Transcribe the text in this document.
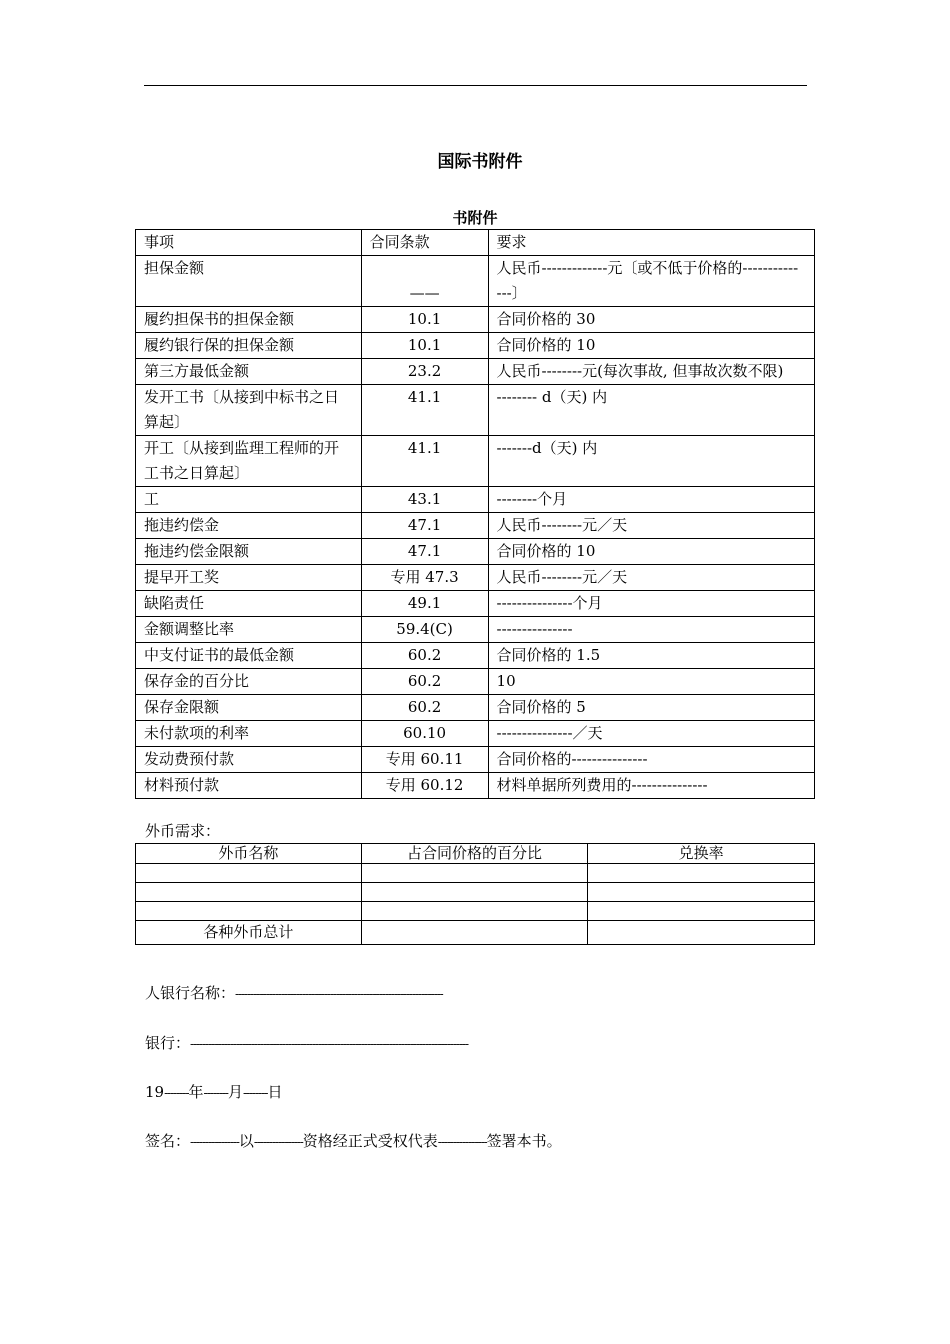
国际书附件
书附件
事项	合同条款	要求
担保金额	——	人民币-------------元〔或不低于价格的-----------‑‑‑〕
履约担保书的担保金额	10.1	合同价格的 30
履约银行保的担保金额	10.1	合同价格的 10
第三方最低金额	23.2	人民币--------元(每次事故, 但事故次数不限)
发开工书〔从接到中标书之日算起〕	41.1	-------- d（天) 内
开工〔从接到监理工程师的开工书之日算起〕	41.1	-------d（天) 内
工	43.1	--------个月
拖违约偿金	47.1	人民币--------元／天
拖违约偿金限额	47.1	合同价格的 10
提早开工奖	专用 47.3	人民币--------元／天
缺陷责任	49.1	---------------个月
金额调整比率	59.4(C)	---------------
中支付证书的最低金额	60.2	合同价格的 1.5
保存金的百分比	60.2	10
保存金限额	60.2	合同价格的 5
未付款项的利率	60.10	---------------／天
发动费预付款	专用 60.11	合同价格的---------------
材料预付款	专用 60.12	材料单据所列费用的---------------
外币需求：
外币名称	占合同价格的百分比	兑换率

各种外币总计		
人银行名称：--------------------------------------------------------------------
银行：-------------------------------------------------------------------------------------------
19--------年--------月--------日
签名：----------------以----------------资格经正式受权代表----------------签署本书。
